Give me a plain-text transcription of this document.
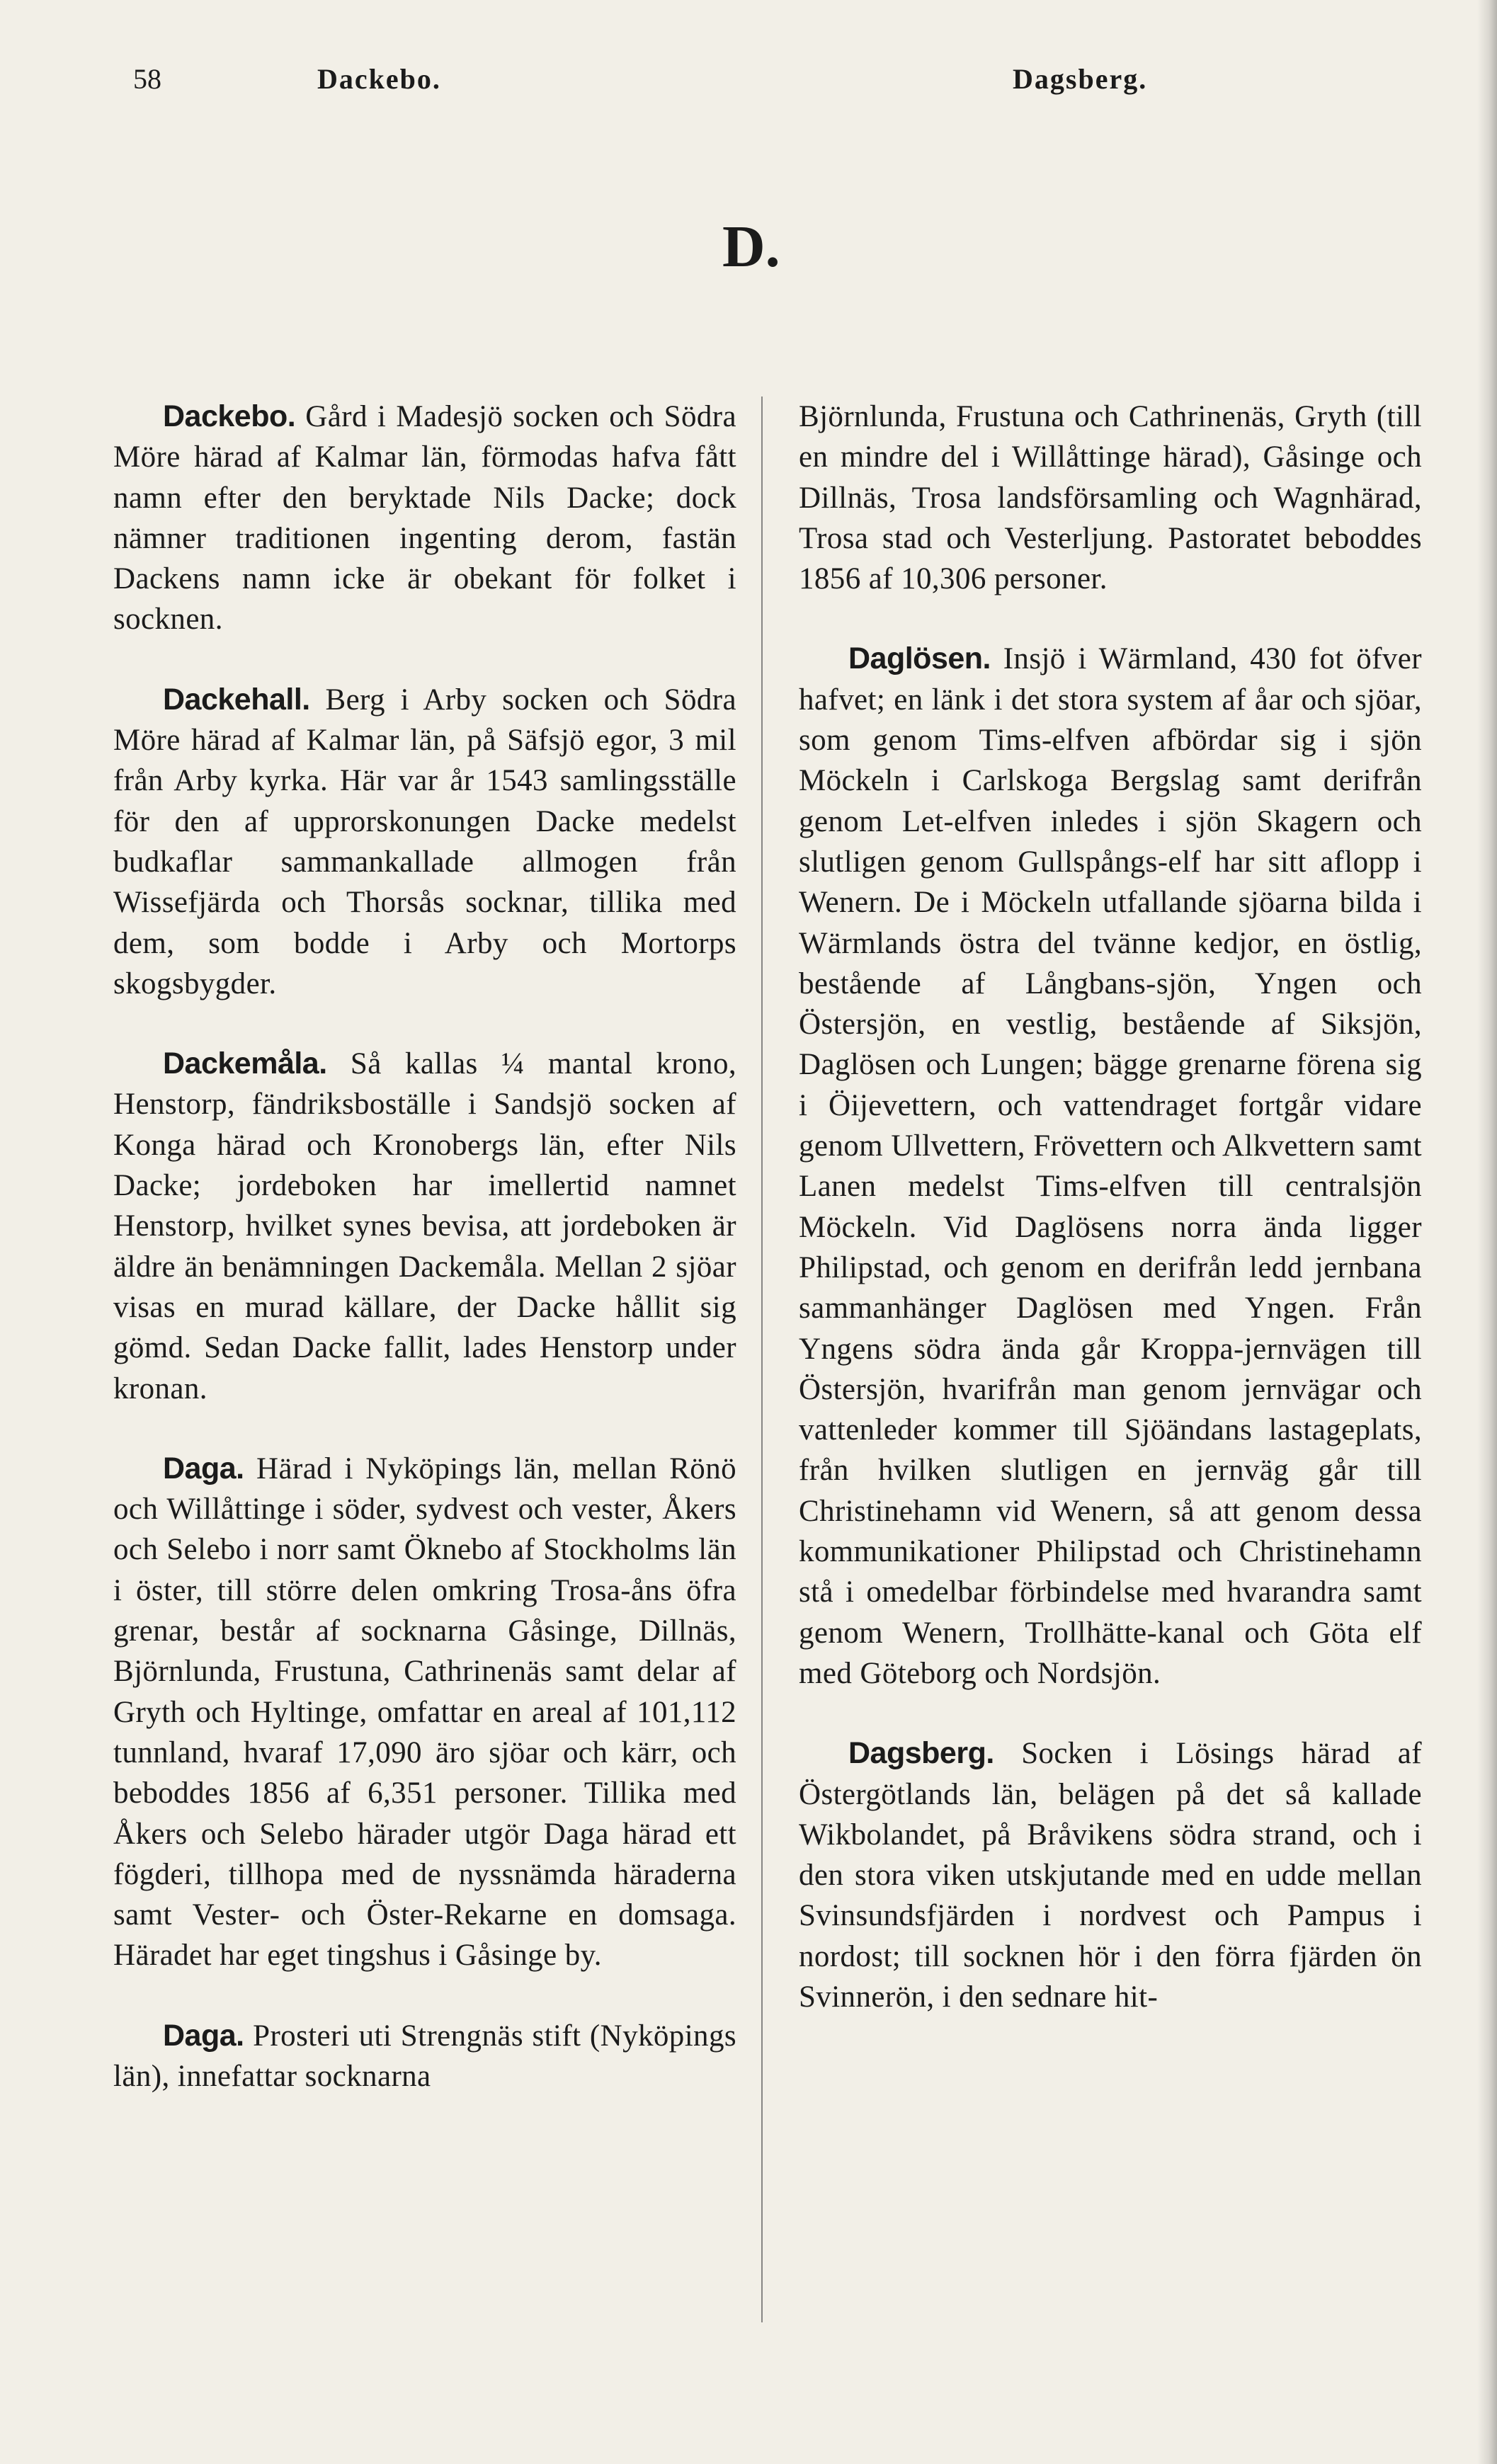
58	Dackebo.	Dagsberg.
D.

Dackebo. Gård i Madesjö socken och Södra Möre härad af Kalmar län, förmodas hafva fått namn efter den beryktade Nils Dacke; dock nämner traditionen ingenting derom, fastän Dackens namn icke är obekant för folket i socknen.

Dackehall. Berg i Arby socken och Södra Möre härad af Kalmar län, på Säfsjö egor, 3 mil från Arby kyrka. Här var år 1543 samlingsställe för den af upprorskonungen Dacke medelst budkaflar sammankallade allmogen från Wissefjärda och Thorsås socknar, tillika med dem, som bodde i Arby och Mortorps skogsbygder.

Dackemåla. Så kallas ¼ mantal krono, Henstorp, fändriksboställe i Sandsjö socken af Konga härad och Kronobergs län, efter Nils Dacke; jordeboken har imellertid namnet Henstorp, hvilket synes bevisa, att jordeboken är äldre än benämningen Dackemåla. Mellan 2 sjöar visas en murad källare, der Dacke hållit sig gömd. Sedan Dacke fallit, lades Henstorp under kronan.

Daga. Härad i Nyköpings län, mellan Rönö och Willåttinge i söder, sydvest och vester, Åkers och Selebo i norr samt Öknebo af Stockholms län i öster, till större delen omkring Trosa-åns öfra grenar, består af socknarna Gåsinge, Dillnäs, Björnlunda, Frustuna, Cathrinenäs samt delar af Gryth och Hyltinge, omfattar en areal af 101,112 tunnland, hvaraf 17,090 äro sjöar och kärr, och beboddes 1856 af 6,351 personer. Tillika med Åkers och Selebo härader utgör Daga härad ett fögderi, tillhopa med de nyssnämda häraderna samt Vester- och Öster-Rekarne en domsaga. Häradet har eget tingshus i Gåsinge by.

Daga. Prosteri uti Strengnäs stift (Nyköpings län), innefattar socknarna

Björnlunda, Frustuna och Cathrinenäs, Gryth (till en mindre del i Willåttinge härad), Gåsinge och Dillnäs, Trosa landsförsamling och Wagnhärad, Trosa stad och Vesterljung. Pastoratet beboddes 1856 af 10,306 personer.

Daglösen. Insjö i Wärmland, 430 fot öfver hafvet; en länk i det stora system af åar och sjöar, som genom Tims-elfven afbördar sig i sjön Möckeln i Carlskoga Bergslag samt derifrån genom Let-elfven inledes i sjön Skagern och slutligen genom Gullspångs-elf har sitt aflopp i Wenern. De i Möckeln utfallande sjöarna bilda i Wärmlands östra del tvänne kedjor, en östlig, bestående af Långbans-sjön, Yngen och Östersjön, en vestlig, bestående af Siksjön, Daglösen och Lungen; bägge grenarne förena sig i Öijevettern, och vattendraget fortgår vidare genom Ullvettern, Frövettern och Alkvettern samt Lanen medelst Tims-elfven till centralsjön Möckeln. Vid Daglösens norra ända ligger Philipstad, och genom en derifrån ledd jernbana sammanhänger Daglösen med Yngen. Från Yngens södra ända går Kroppa-jernvägen till Östersjön, hvarifrån man genom jernvägar och vattenleder kommer till Sjöändans lastageplats, från hvilken slutligen en jernväg går till Christinehamn vid Wenern, så att genom dessa kommunikationer Philipstad och Christinehamn stå i omedelbar förbindelse med hvarandra samt genom Wenern, Trollhätte-kanal och Göta elf med Göteborg och Nordsjön.

Dagsberg. Socken i Lösings härad af Östergötlands län, belägen på det så kallade Wikbolandet, på Bråvikens södra strand, och i den stora viken utskjutande med en udde mellan Svinsundsfjärden i nordvest och Pampus i nordost; till socknen hör i den förra fjärden ön Svinnerön, i den sednare hit-
